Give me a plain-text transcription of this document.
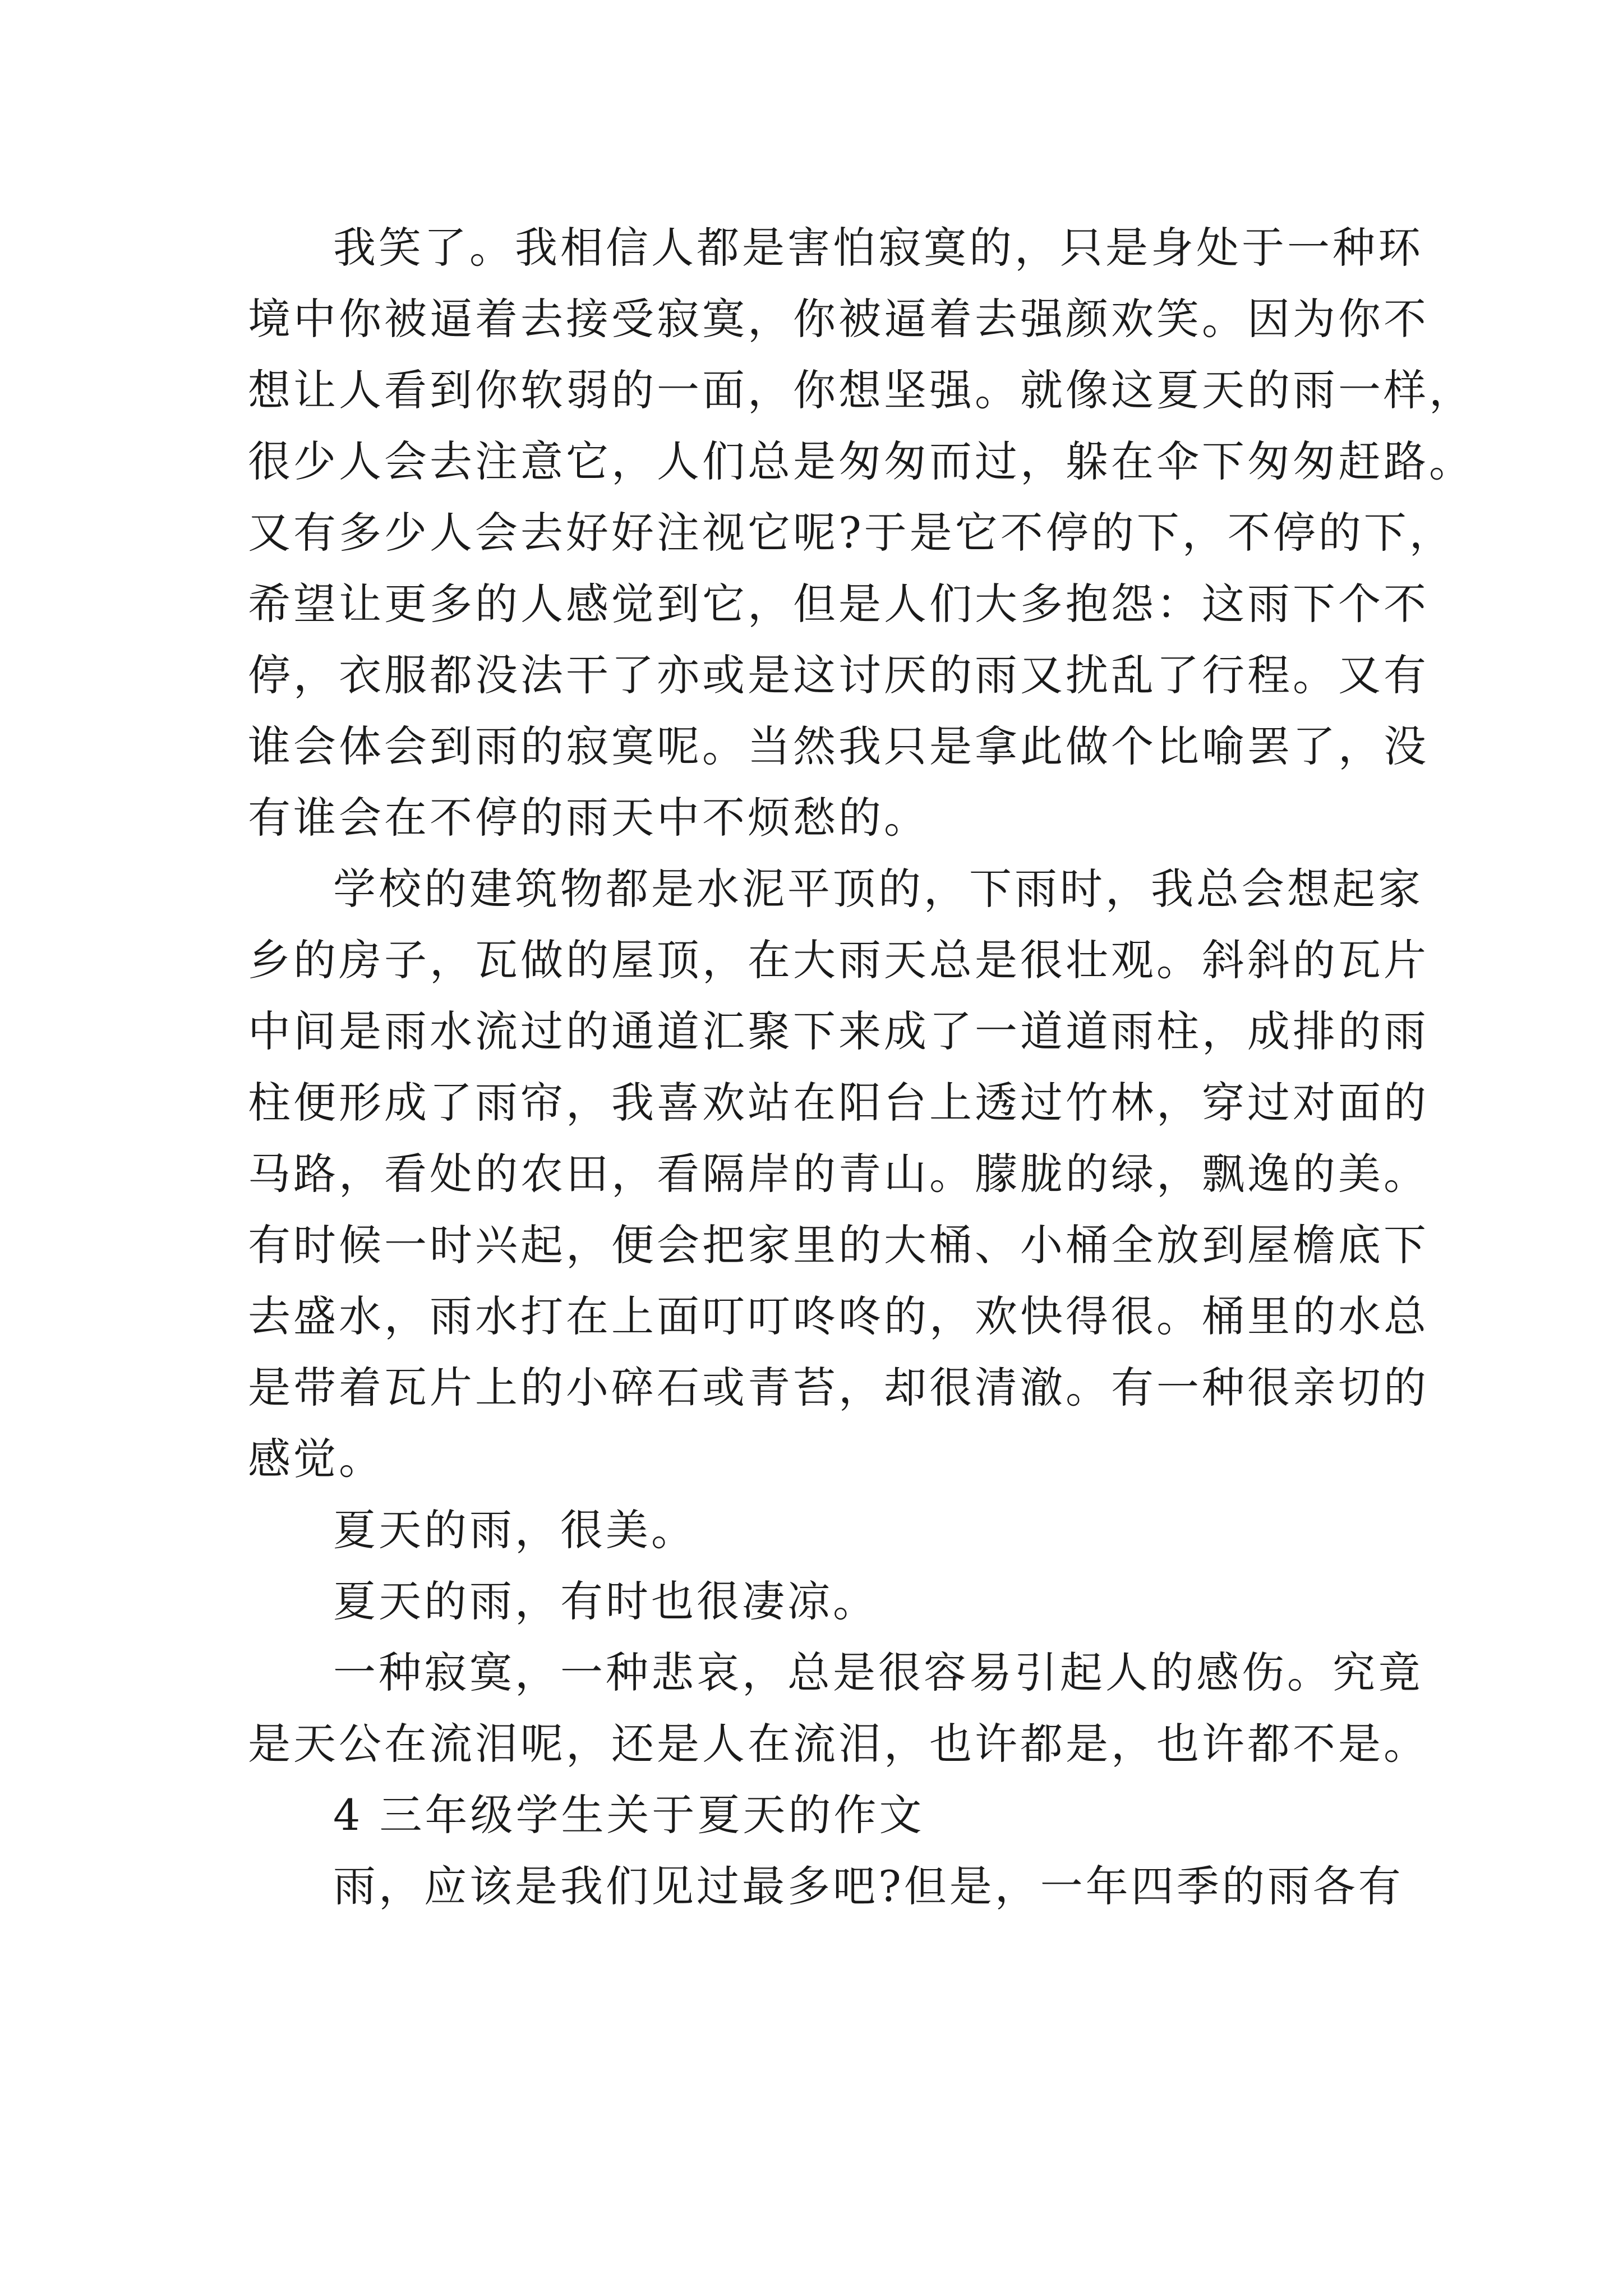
我笑了。我相信人都是害怕寂寞的，只是身处于一种环
境中你被逼着去接受寂寞，你被逼着去强颜欢笑。因为你不
想让人看到你软弱的一面，你想坚强。就像这夏天的雨一样，
很少人会去注意它，人们总是匆匆而过，躲在伞下匆匆赶路。
又有多少人会去好好注视它呢?于是它不停的下，不停的下，
希望让更多的人感觉到它，但是人们大多抱怨：这雨下个不
停，衣服都没法干了亦或是这讨厌的雨又扰乱了行程。又有
谁会体会到雨的寂寞呢。当然我只是拿此做个比喻罢了，没
有谁会在不停的雨天中不烦愁的。
学校的建筑物都是水泥平顶的，下雨时，我总会想起家
乡的房子，瓦做的屋顶，在大雨天总是很壮观。斜斜的瓦片
中间是雨水流过的通道汇聚下来成了一道道雨柱，成排的雨
柱便形成了雨帘，我喜欢站在阳台上透过竹林，穿过对面的
马路，看处的农田，看隔岸的青山。朦胧的绿，飘逸的美。
有时候一时兴起，便会把家里的大桶、小桶全放到屋檐底下
去盛水，雨水打在上面叮叮咚咚的，欢快得很。桶里的水总
是带着瓦片上的小碎石或青苔，却很清澈。有一种很亲切的
感觉。
夏天的雨，很美。
夏天的雨，有时也很凄凉。
一种寂寞，一种悲哀，总是很容易引起人的感伤。究竟
是天公在流泪呢，还是人在流泪，也许都是，也许都不是。
4 三年级学生关于夏天的作文
雨，应该是我们见过最多吧?但是，一年四季的雨各有
